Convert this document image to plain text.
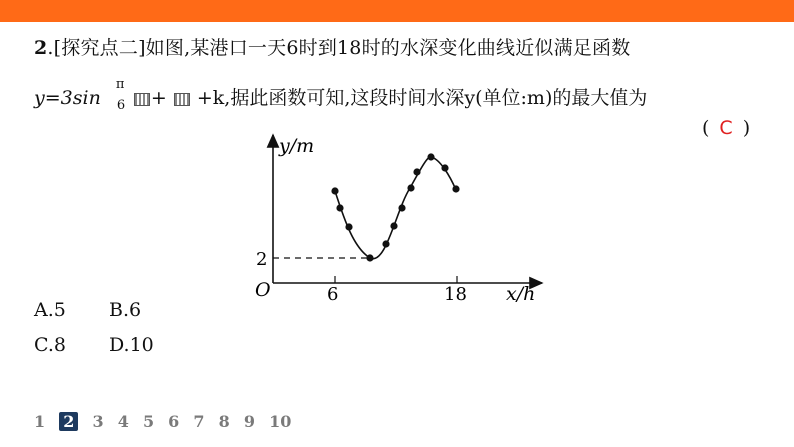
2.[探究点二]如图,某港口一天6时到18时的水深变化曲线近似满足函数
y=3sin
π
6 + +k,据此函数可知,这段时间水深y(单位:m)的最大值为
( C )
y/m
x/h
O	6	18
2
A.5 B.6
C.8 D.10
1 2 3 4 5 6 7 8 9 10
